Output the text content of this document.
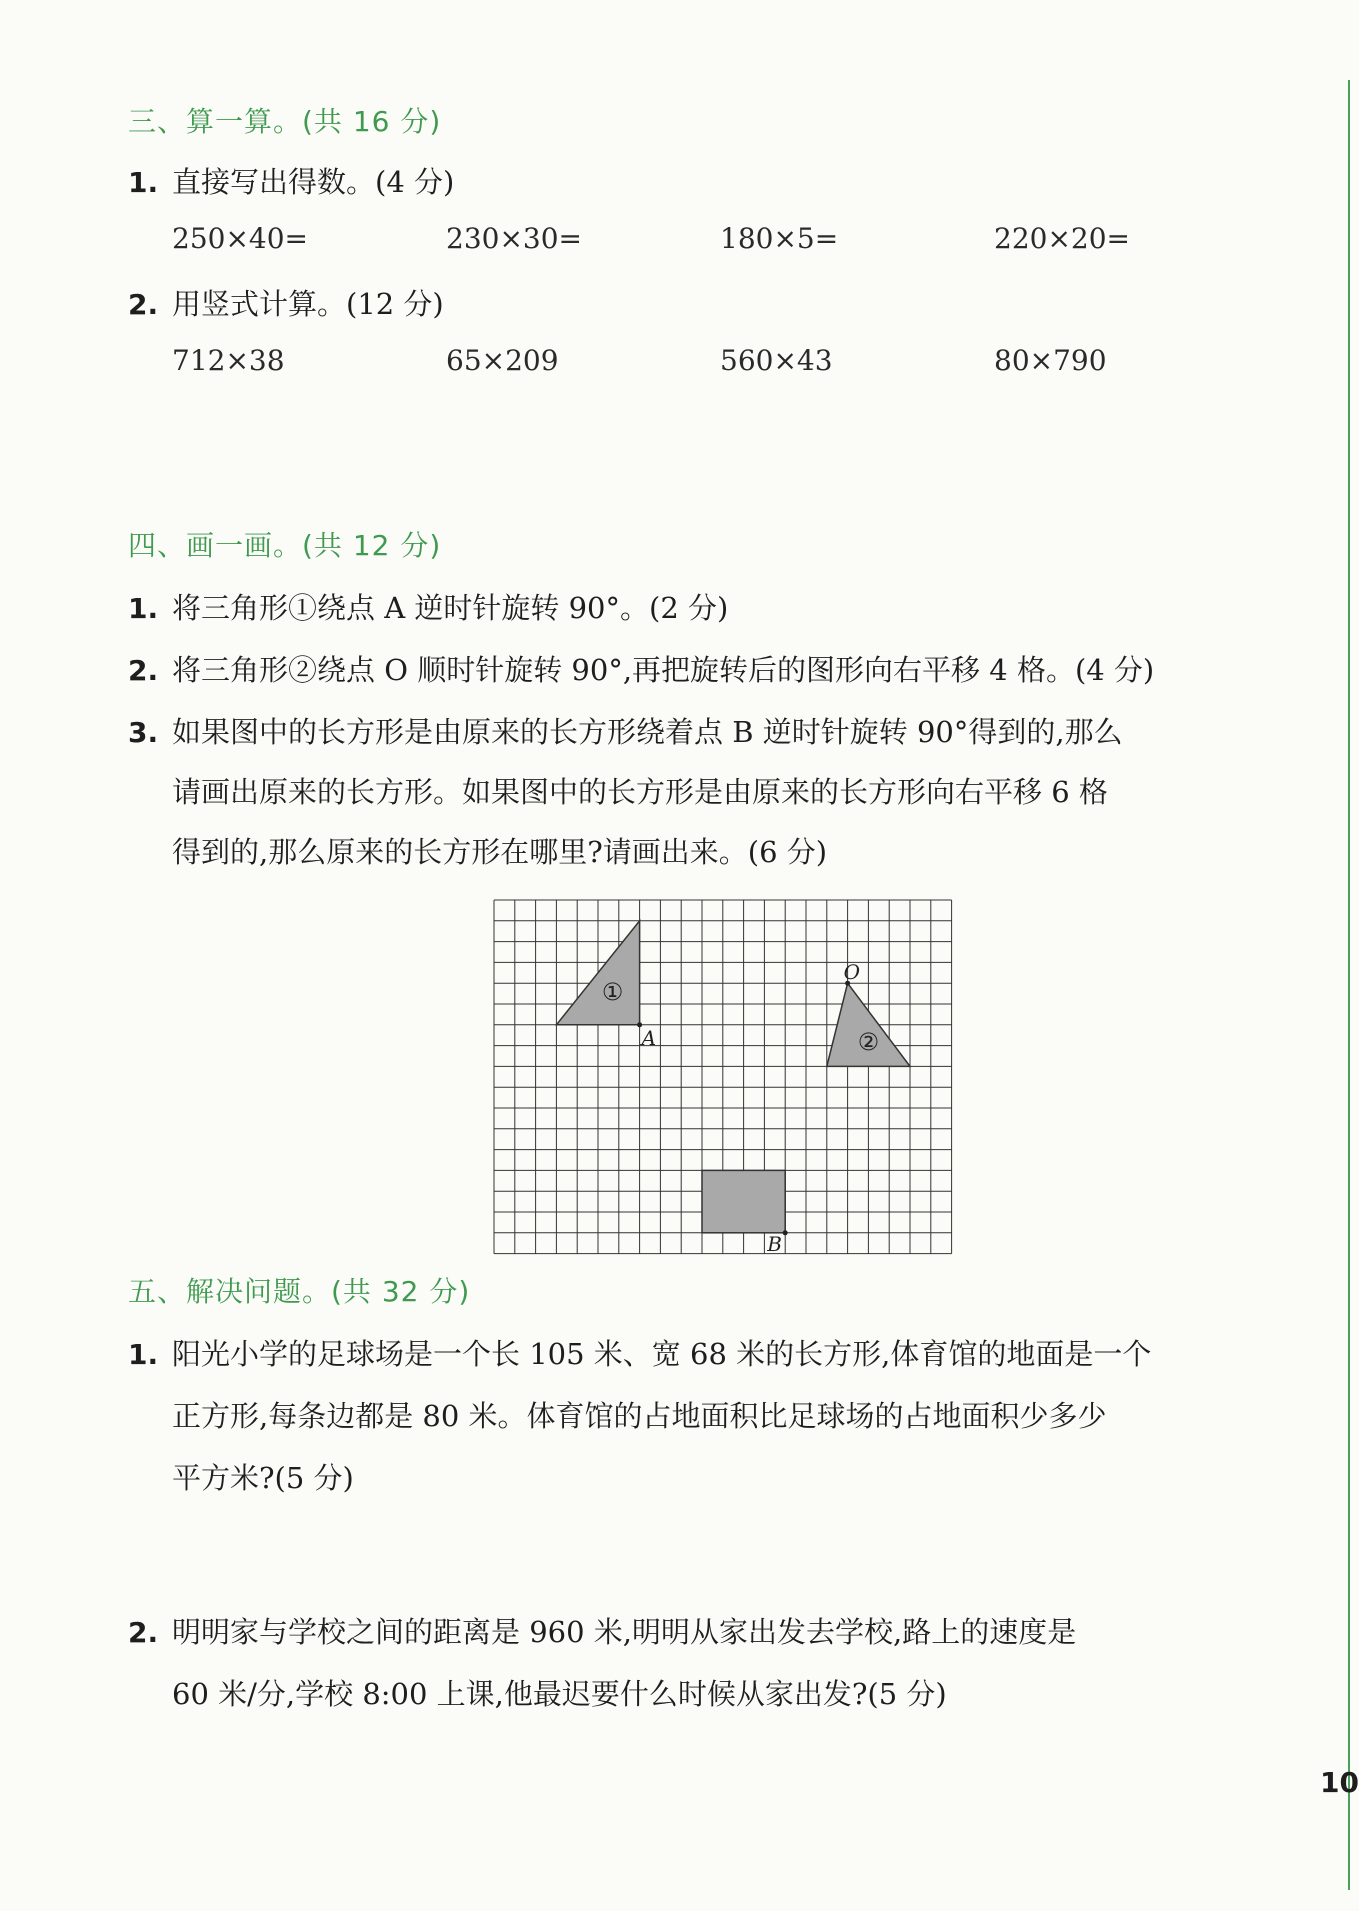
10
三、算一算。(共 16 分)
1. 直接写出得数。(4 分)
250×40=	230×30=	180×5=	220×20=
2. 用竖式计算。(12 分)
712×38	65×209	560×43	80×790
四、画一画。(共 12 分)
1. 将三角形①绕点 A 逆时针旋转 90°。(2 分)
2. 将三角形②绕点 O 顺时针旋转 90°,再把旋转后的图形向右平移 4 格。(4 分)
3. 如果图中的长方形是由原来的长方形绕着点 B 逆时针旋转 90°得到的,那么
请画出原来的长方形。如果图中的长方形是由原来的长方形向右平移 6 格
得到的,那么原来的长方形在哪里?请画出来。(6 分)
①
②
A
O
B
五、解决问题。(共 32 分)
1. 阳光小学的足球场是一个长 105 米、宽 68 米的长方形,体育馆的地面是一个
正方形,每条边都是 80 米。体育馆的占地面积比足球场的占地面积少多少
平方米?(5 分)
2. 明明家与学校之间的距离是 960 米,明明从家出发去学校,路上的速度是
60 米/分,学校 8:00 上课,他最迟要什么时候从家出发?(5 分)
